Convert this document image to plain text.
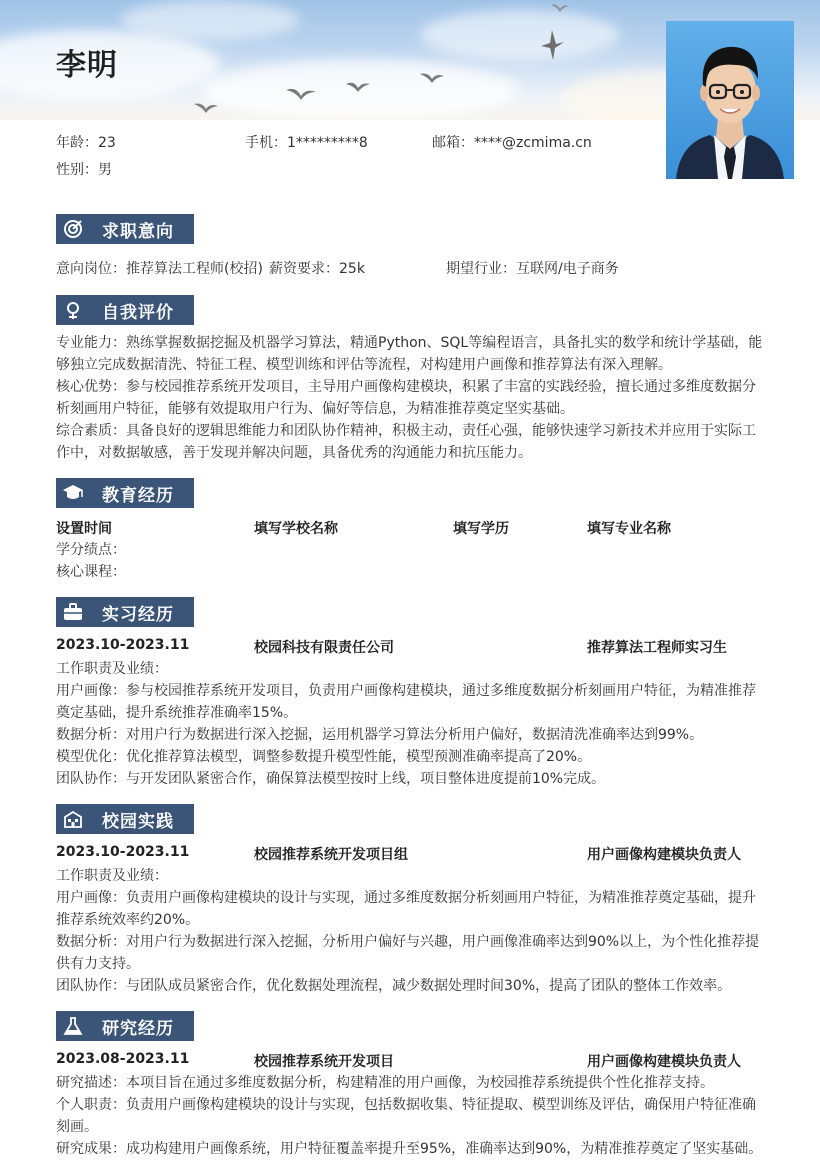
李明
年龄：23	手机：1*********8	邮箱：****@zcmima.cn
性别：男
求职意向
意向岗位：推荐算法工程师(校招) 薪资要求：25k	期望行业：互联网/电子商务
自我评价
专业能力：熟练掌握数据挖掘及机器学习算法，精通Python、SQL等编程语言，具备扎实的数学和统计学基础，能够独立完成数据清洗、特征工程、模型训练和评估等流程，对构建用户画像和推荐算法有深入理解。
核心优势：参与校园推荐系统开发项目，主导用户画像构建模块，积累了丰富的实践经验，擅长通过多维度数据分析刻画用户特征，能够有效提取用户行为、偏好等信息，为精准推荐奠定坚实基础。
综合素质：具备良好的逻辑思维能力和团队协作精神，积极主动，责任心强，能够快速学习新技术并应用于实际工作中，对数据敏感，善于发现并解决问题，具备优秀的沟通能力和抗压能力。
教育经历
设置时间	填写学校名称	填写学历	填写专业名称
学分绩点：
核心课程：
实习经历
2023.10-2023.11	校园科技有限责任公司	推荐算法工程师实习生
工作职责及业绩：
用户画像：参与校园推荐系统开发项目，负责用户画像构建模块，通过多维度数据分析刻画用户特征，为精准推荐奠定基础，提升系统推荐准确率15%。
数据分析：对用户行为数据进行深入挖掘，运用机器学习算法分析用户偏好，数据清洗准确率达到99%。
模型优化：优化推荐算法模型，调整参数提升模型性能，模型预测准确率提高了20%。
团队协作：与开发团队紧密合作，确保算法模型按时上线，项目整体进度提前10%完成。
校园实践
2023.10-2023.11	校园推荐系统开发项目组	用户画像构建模块负责人
工作职责及业绩：
用户画像：负责用户画像构建模块的设计与实现，通过多维度数据分析刻画用户特征，为精准推荐奠定基础，提升推荐系统效率约20%。
数据分析：对用户行为数据进行深入挖掘，分析用户偏好与兴趣，用户画像准确率达到90%以上，为个性化推荐提供有力支持。
团队协作：与团队成员紧密合作，优化数据处理流程，减少数据处理时间30%，提高了团队的整体工作效率。
研究经历
2023.08-2023.11	校园推荐系统开发项目	用户画像构建模块负责人
研究描述：本项目旨在通过多维度数据分析，构建精准的用户画像，为校园推荐系统提供个性化推荐支持。
个人职责：负责用户画像构建模块的设计与实现，包括数据收集、特征提取、模型训练及评估，确保用户特征准确刻画。
研究成果：成功构建用户画像系统，用户特征覆盖率提升至95%，准确率达到90%，为精准推荐奠定了坚实基础。
